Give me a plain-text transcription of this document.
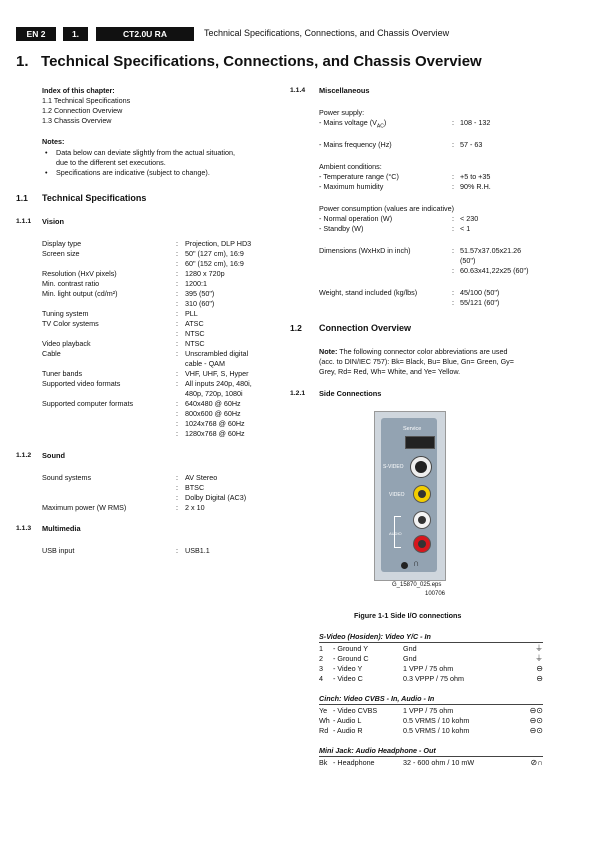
EN 2	1.	CT2.0U RA	Technical Specifications, Connections, and Chassis Overview
1. Technical Specifications, Connections, and Chassis Overview
Index of this chapter:
1.1 Technical Specifications
1.2 Connection Overview
1.3 Chassis Overview
Notes:
• Data below can deviate slightly from the actual situation,
due to the different set executions.
• Specifications are indicative (subject to change).
1.1 Technical Specifications
1.1.1 Vision
Display type	: Projection, DLP HD3
Screen size	: 50" (127 cm), 16:9
: 60" (152 cm), 16:9
Resolution (HxV pixels)	: 1280 x 720p
Min. contrast ratio	: 1200:1
Min. light output (cd/m²)	: 395 (50")
: 310 (60")
Tuning system	: PLL
TV Color systems	: ATSC
: NTSC
Video playback	: NTSC
Cable	: Unscrambled digital
cable - QAM
Tuner bands	: VHF, UHF, S, Hyper
Supported video formats	: All inputs 240p, 480i,
480p, 720p, 1080i
Supported computer formats	: 640x480 @ 60Hz
: 800x600 @ 60Hz
: 1024x768 @ 60Hz
: 1280x768 @ 60Hz
1.1.2 Sound
Sound systems	: AV Stereo
: BTSC
: Dolby Digital (AC3)
Maximum power (W RMS)	: 2 x 10
1.1.3 Multimedia
USB input	: USB1.1
1.1.4 Miscellaneous
Power supply:
- Mains voltage $(V_{AC})$	: 108 - 132
- Mains frequency (Hz)	: 57 - 63
Ambient conditions:
- Temperature range (°C)	: +5 to +35
- Maximum humidity	: 90% R.H.
Power consumption (values are indicative)
- Normal operation (W)	: < 230
- Standby (W)	: < 1
Dimensions (WxHxD in inch)	: 51.57x37.05x21.26
(50")
: 60.63x41,22x25 (60")
Weight, stand included (kg/lbs)	: 45/100 (50")
: 55/121 (60")
1.2 Connection Overview
Note: The following connector color abbreviations are used
(acc. to DIN/IEC 757): Bk= Black, Bu= Blue, Gn= Green, Gy=
Grey, Rd= Red, Wh= White, and Ye= Yellow.
1.2.1 Side Connections
Service
S-VIDEO
VIDEO
AUDIO
∩
G_15870_025.eps
100706
Figure 1-1 Side I/O connections
S-Video (Hosiden): Video Y/C - In
1 - Ground Y	Gnd	⏚
2 - Ground C	Gnd	⏚
3 - Video Y	1 VPP / 75 ohm	⊖
4 - Video C	0.3 VPPP / 75 ohm	⊖
Cinch: Video CVBS - In, Audio - In
Ye - Video CVBS	1 VPP / 75 ohm	⊖⊙
Wh - Audio L	0.5 VRMS / 10 kohm	⊖⊙
Rd - Audio R	0.5 VRMS / 10 kohm	⊖⊙
Mini Jack: Audio Headphone - Out
Bk - Headphone	32 - 600 ohm / 10 mW	⊘∩
